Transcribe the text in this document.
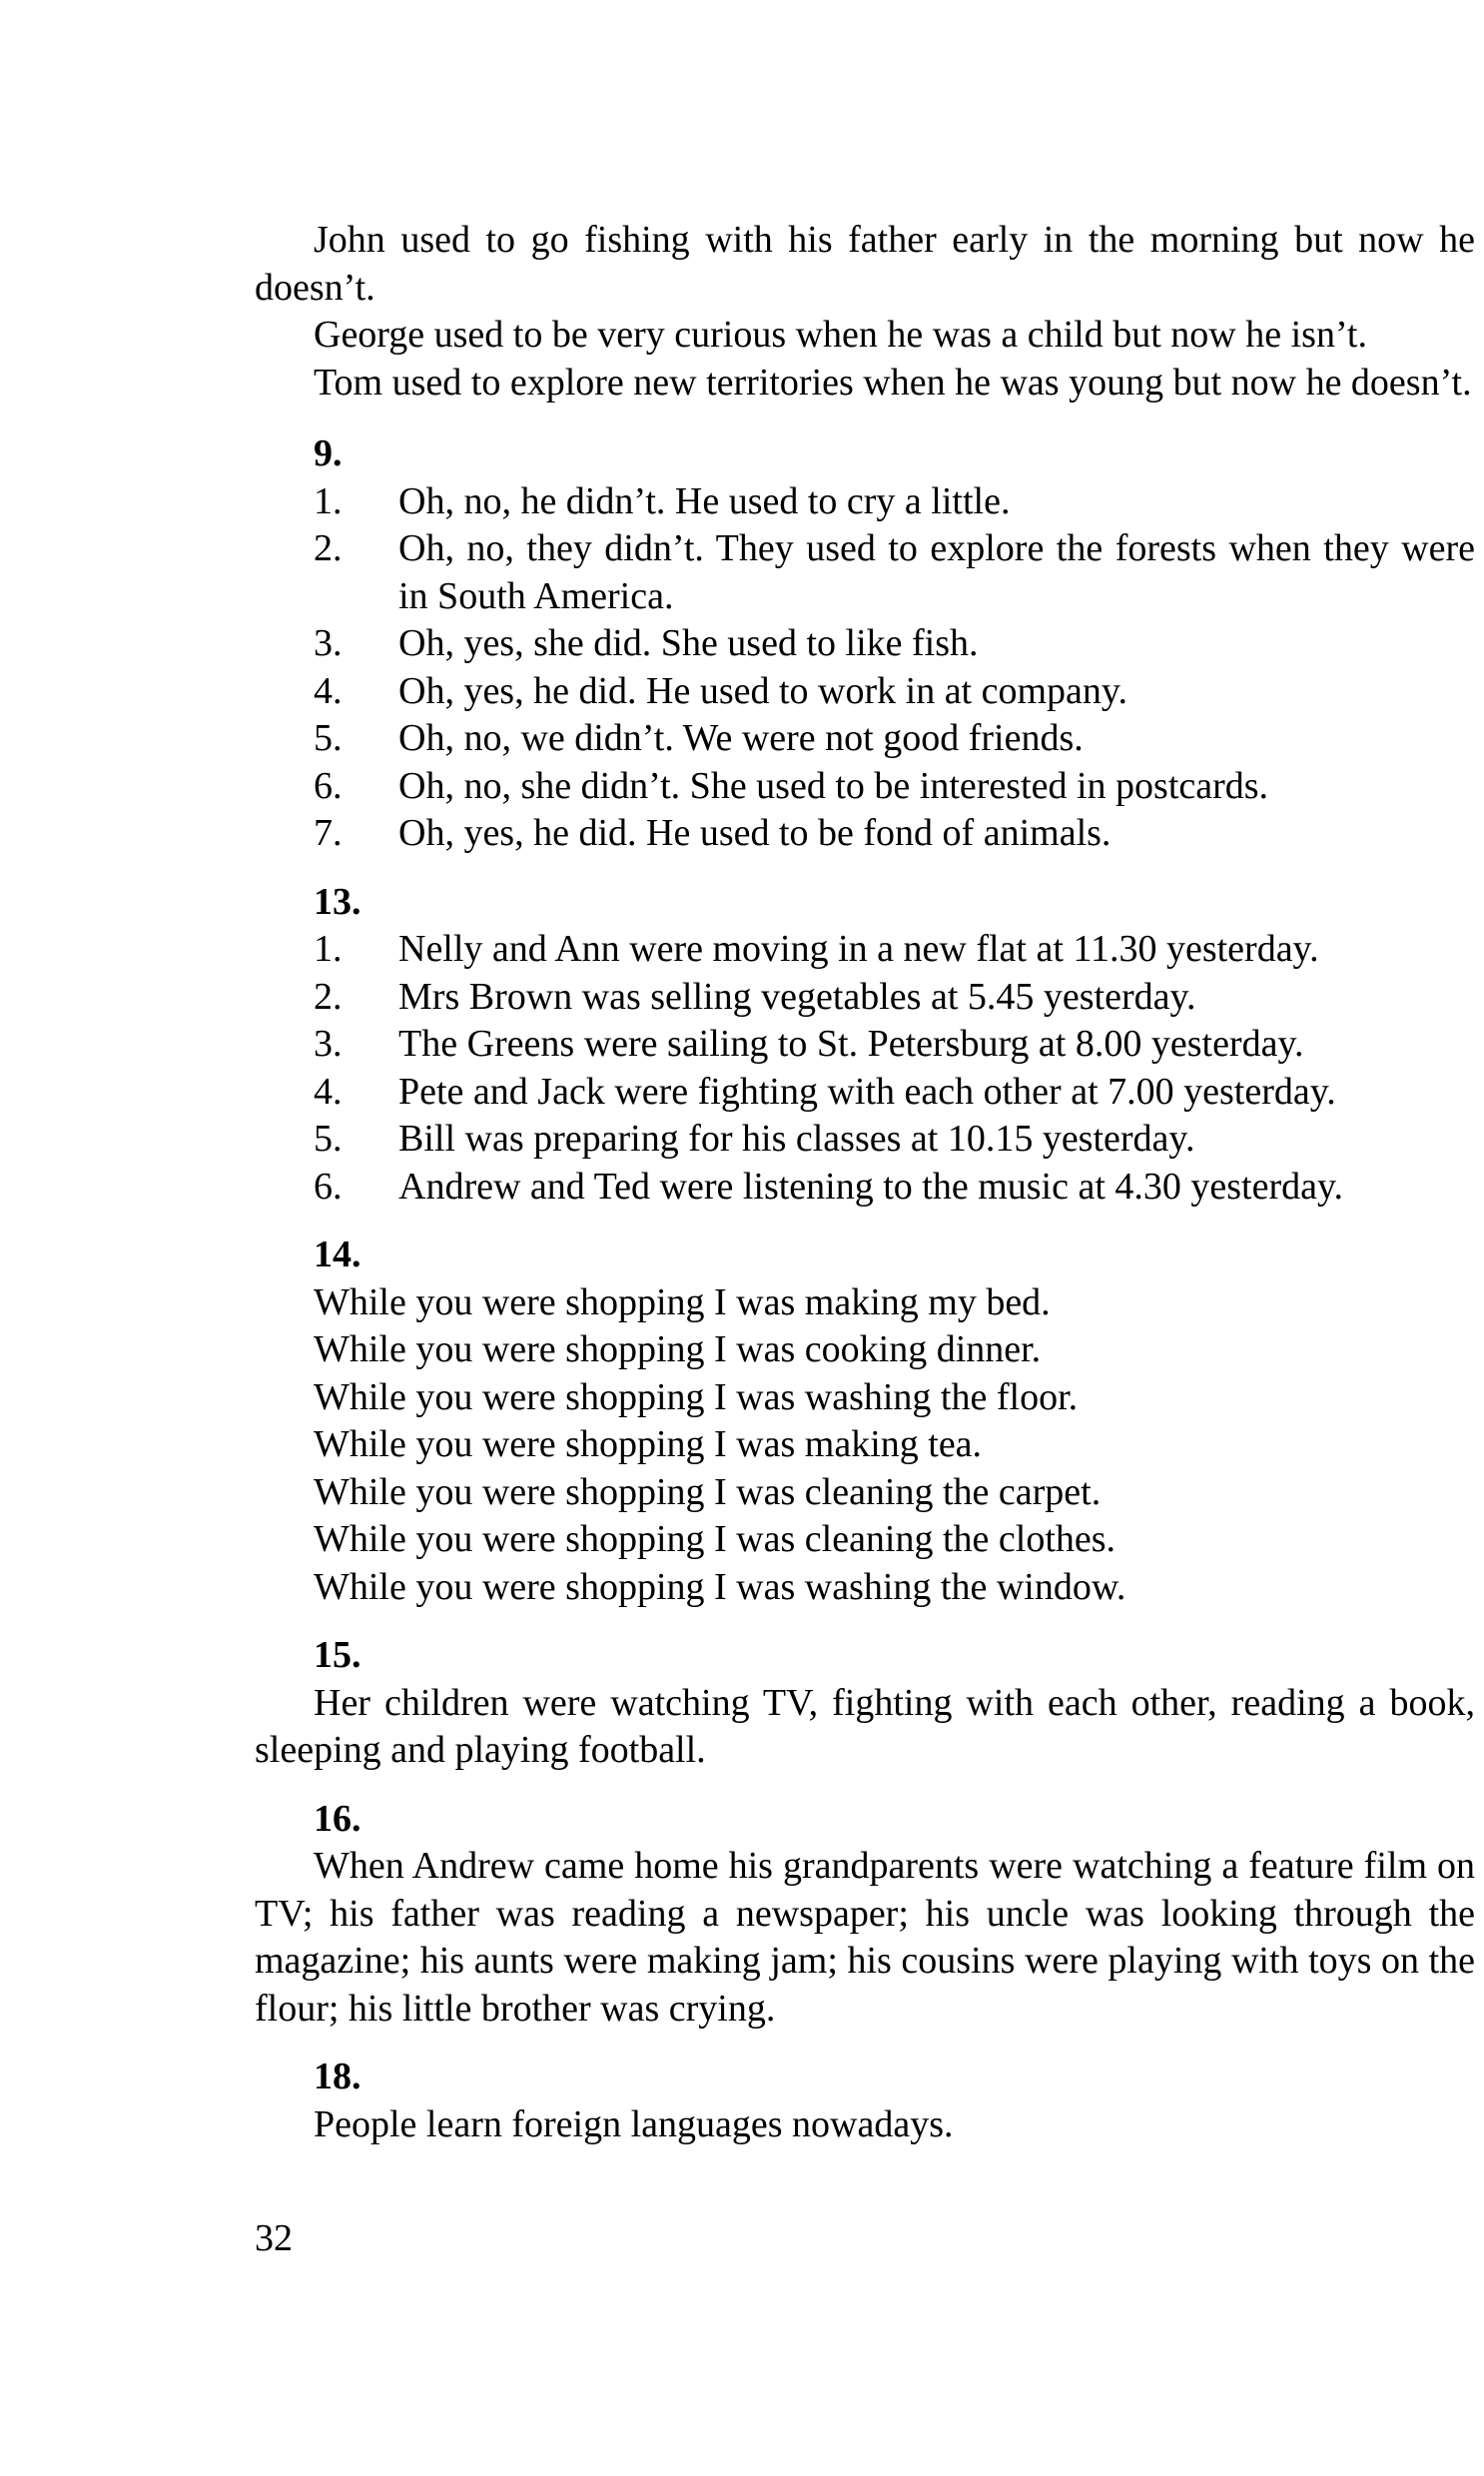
John used to go fishing with his father early in the morning but now he doesn’t.

George used to be very curious when he was a child but now he isn’t.

Tom used to explore new territories when he was young but now he doesn’t.

9.

1.	Oh, no, he didn’t. He used to cry a little.
2.	Oh, no, they didn’t. They used to explore the forests when they were in South America.
3.	Oh, yes, she did. She used to like fish.
4.	Oh, yes, he did. He used to work in at company.
5.	Oh, no, we didn’t. We were not good friends.
6.	Oh, no, she didn’t. She used to be interested in postcards.
7.	Oh, yes, he did. He used to be fond of animals.

13.

1.	Nelly and Ann were moving in a new flat at 11.30 yesterday.
2.	Mrs Brown was selling vegetables at 5.45 yesterday.
3.	The Greens were sailing to St. Petersburg at 8.00 yesterday.
4.	Pete and Jack were fighting with each other at 7.00 yesterday.
5.	Bill was preparing for his classes at 10.15 yesterday.
6.	Andrew and Ted were listening to the music at 4.30 yesterday.

14.

While you were shopping I was making my bed.

While you were shopping I was cooking dinner.

While you were shopping I was washing the floor.

While you were shopping I was making tea.

While you were shopping I was cleaning the carpet.

While you were shopping I was cleaning the clothes.

While you were shopping I was washing the window.

15.

Her children were watching TV, fighting with each other, reading a book, sleeping and playing football.

16.

When Andrew came home his grandparents were watching a feature film on TV; his father was reading a newspaper; his uncle was looking through the magazine; his aunts were making jam; his cousins were playing with toys on the flour; his little brother was crying.

18.

People learn foreign languages nowadays.

32
